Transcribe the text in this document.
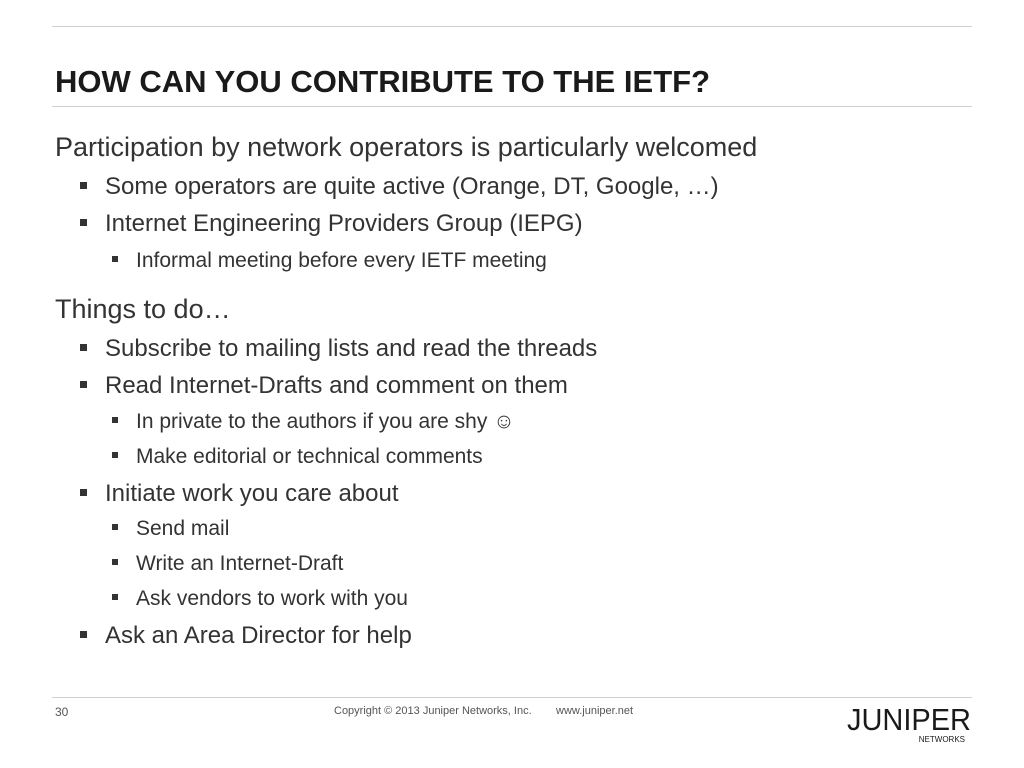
HOW CAN YOU CONTRIBUTE TO THE IETF?
Participation by network operators is particularly welcomed
Some operators are quite active (Orange, DT, Google, …)
Internet Engineering Providers Group (IEPG)
Informal meeting before every IETF meeting
Things to do…
Subscribe to mailing lists and read the threads
Read Internet-Drafts and comment on them
In private to the authors if you are shy ☺
Make editorial or technical comments
Initiate work you care about
Send mail
Write an Internet-Draft
Ask vendors to work with you
Ask an Area Director for help
30	Copyright © 2013 Juniper Networks, Inc. www.juniper.net	JUNIPER
NETWORKS
